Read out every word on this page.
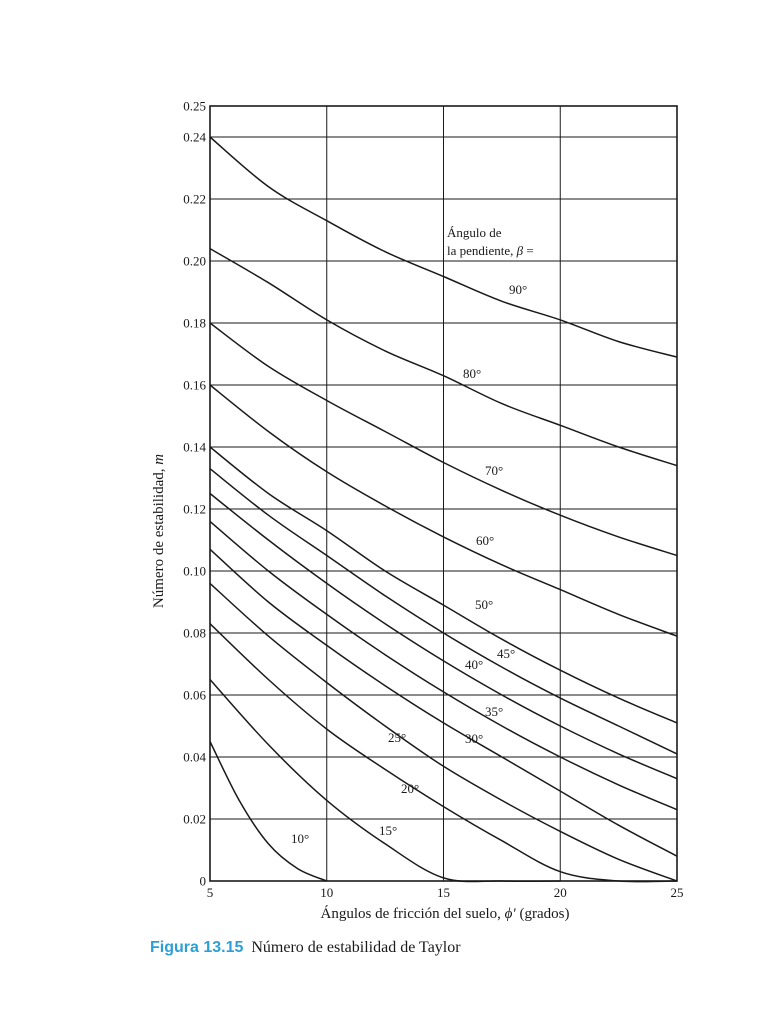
0
0.02
0.04
0.06
0.08
0.10
0.12
0.14
0.16
0.18
0.20
0.22
0.24
0.25
5	10	15	20	25
90°
80°
70°
60°
50°
45°
40°
35°
30°
25°
20°
15°
10°
Ángulo de
la pendiente, β =
Ángulos de fricción del suelo, ϕ′ (grados)
Número de estabilidad, m
Figura 13.15 Número de estabilidad de Taylor
